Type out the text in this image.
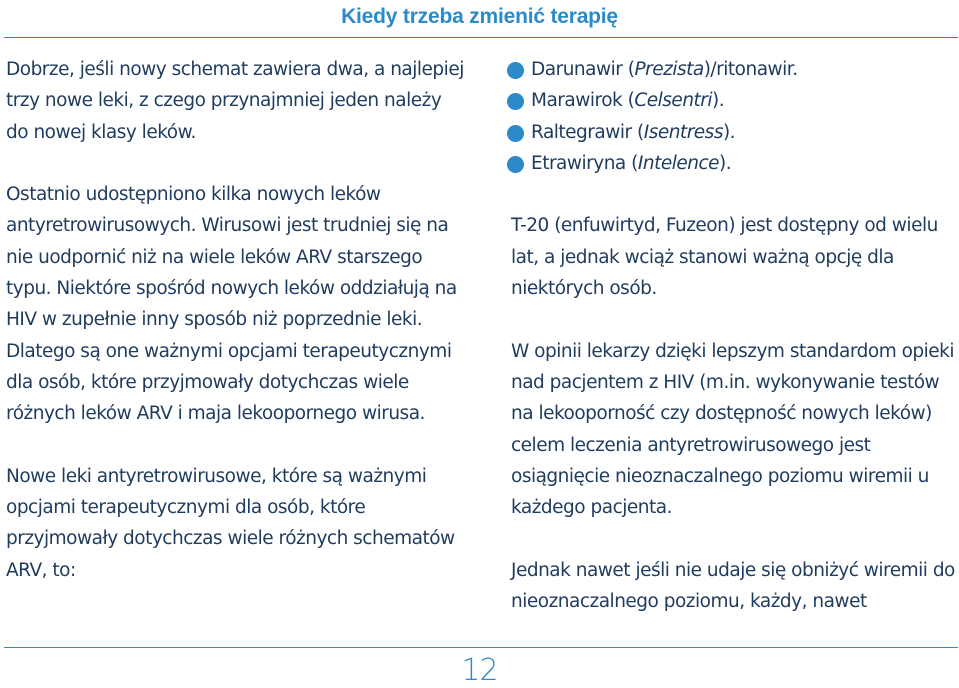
Kiedy trzeba zmienić terapię

Dobrze, jeśli nowy schemat zawiera dwa, a najlepiej trzy nowe leki, z czego przynajmniej jeden należy do nowej klasy leków.

Ostatnio udostępniono kilka nowych leków antyretrowirusowych. Wirusowi jest trudniej się na nie uodpornić niż na wiele leków ARV starszego typu. Niektóre spośród nowych leków oddziałują na HIV w zupełnie inny sposób niż poprzednie leki. Dlatego są one ważnymi opcjami terapeutycznymi dla osób, które przyjmowały dotychczas wiele różnych leków ARV i maja lekoopornego wirusa.

Nowe leki antyretrowirusowe, które są ważnymi opcjami terapeutycznymi dla osób, które przyjmowały dotychczas wiele różnych schematów ARV, to:

Darunawir (Prezista)/ritonawir.
Marawirok (Celsentri).
Raltegrawir (Isentress).
Etrawiryna (Intelence).

T-20 (enfuwirtyd, Fuzeon) jest dostępny od wielu lat, a jednak wciąż stanowi ważną opcję dla niektórych osób.

W opinii lekarzy dzięki lepszym standardom opieki nad pacjentem z HIV (m.in. wykonywanie testów na lekooporność czy dostępność nowych leków) celem leczenia antyretrowirusowego jest osiągnięcie nieoznaczalnego poziomu wiremii u każdego pacjenta.

Jednak nawet jeśli nie udaje się obniżyć wiremii do nieoznaczalnego poziomu, każdy, nawet

12
